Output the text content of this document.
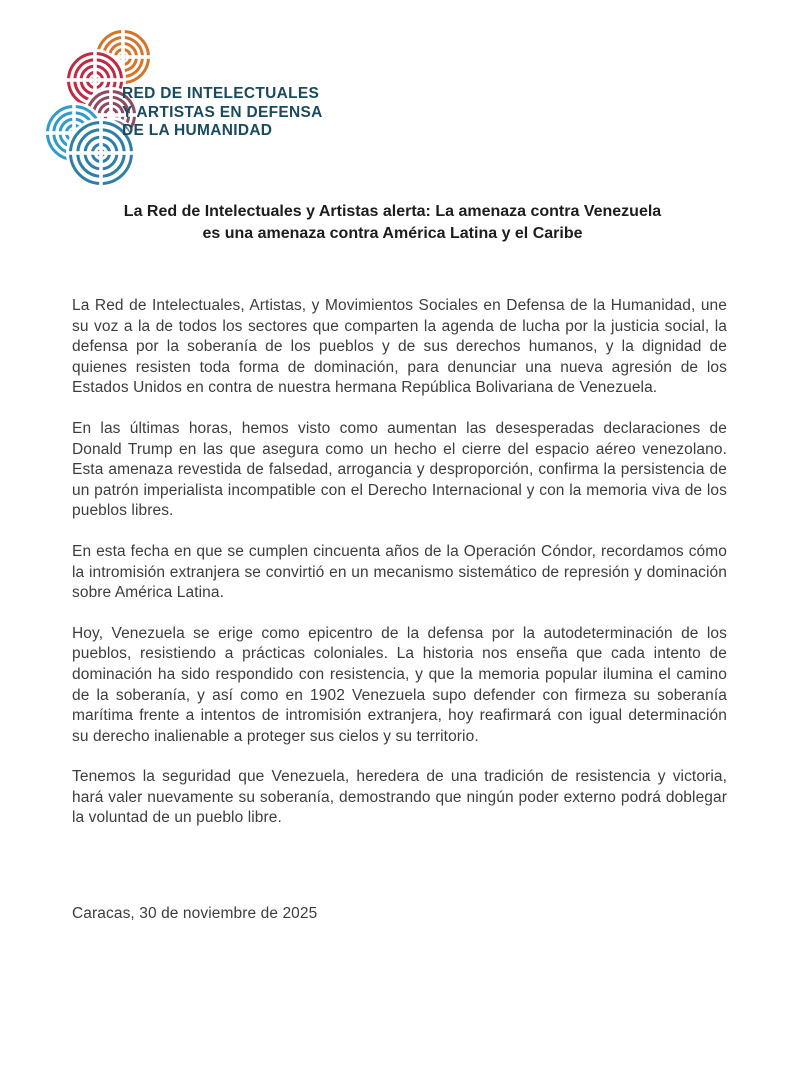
RED DE INTELECTUALES
Y ARTISTAS EN DEFENSA
DE LA HUMANIDAD
La Red de Intelectuales y Artistas alerta: La amenaza contra Venezuela
es una amenaza contra América Latina y el Caribe

La Red de Intelectuales, Artistas, y Movimientos Sociales en Defensa de la Humanidad, une su voz a la de todos los sectores que comparten la agenda de lucha por la justicia social, la defensa por la soberanía de los pueblos y de sus derechos humanos, y la dignidad de quienes resisten toda forma de dominación, para denunciar una nueva agresión de los Estados Unidos en contra de nuestra hermana República Bolivariana de Venezuela.

En las últimas horas, hemos visto como aumentan las desesperadas declaraciones de Donald Trump en las que asegura como un hecho el cierre del espacio aéreo venezolano. Esta amenaza revestida de falsedad, arrogancia y desproporción, confirma la persistencia de un patrón imperialista incompatible con el Derecho Internacional y con la memoria viva de los pueblos libres.

En esta fecha en que se cumplen cincuenta años de la Operación Cóndor, recordamos cómo la intromisión extranjera se convirtió en un mecanismo sistemático de represión y dominación sobre América Latina.

Hoy, Venezuela se erige como epicentro de la defensa por la autodeterminación de los pueblos, resistiendo a prácticas coloniales. La historia nos enseña que cada intento de dominación ha sido respondido con resistencia, y que la memoria popular ilumina el camino de la soberanía, y así como en 1902 Venezuela supo defender con firmeza su soberanía marítima frente a intentos de intromisión extranjera, hoy reafirmará con igual determinación su derecho inalienable a proteger sus cielos y su territorio.

Tenemos la seguridad que Venezuela, heredera de una tradición de resistencia y victoria, hará valer nuevamente su soberanía, demostrando que ningún poder externo podrá doblegar la voluntad de un pueblo libre.

Caracas, 30 de noviembre de 2025
